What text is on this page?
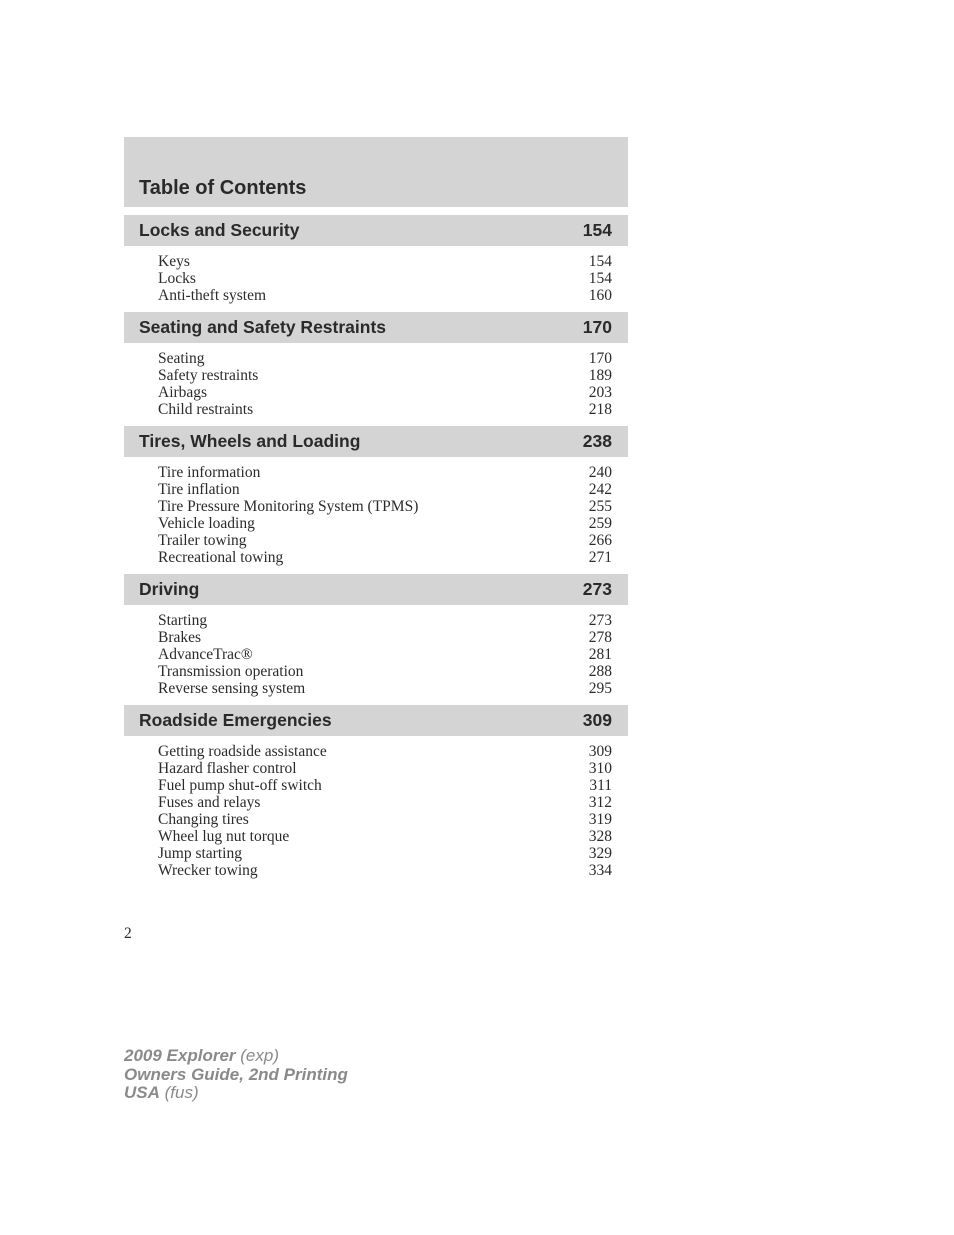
Table of Contents
Locks and Security	154
Keys	154
Locks	154
Anti-theft system	160
Seating and Safety Restraints	170
Seating	170
Safety restraints	189
Airbags	203
Child restraints	218
Tires, Wheels and Loading	238
Tire information	240
Tire inflation	242
Tire Pressure Monitoring System (TPMS)	255
Vehicle loading	259
Trailer towing	266
Recreational towing	271
Driving	273
Starting	273
Brakes	278
AdvanceTrac®	281
Transmission operation	288
Reverse sensing system	295
Roadside Emergencies	309
Getting roadside assistance	309
Hazard flasher control	310
Fuel pump shut-off switch	311
Fuses and relays	312
Changing tires	319
Wheel lug nut torque	328
Jump starting	329
Wrecker towing	334
2
2009 Explorer (exp)
Owners Guide, 2nd Printing
USA (fus)
